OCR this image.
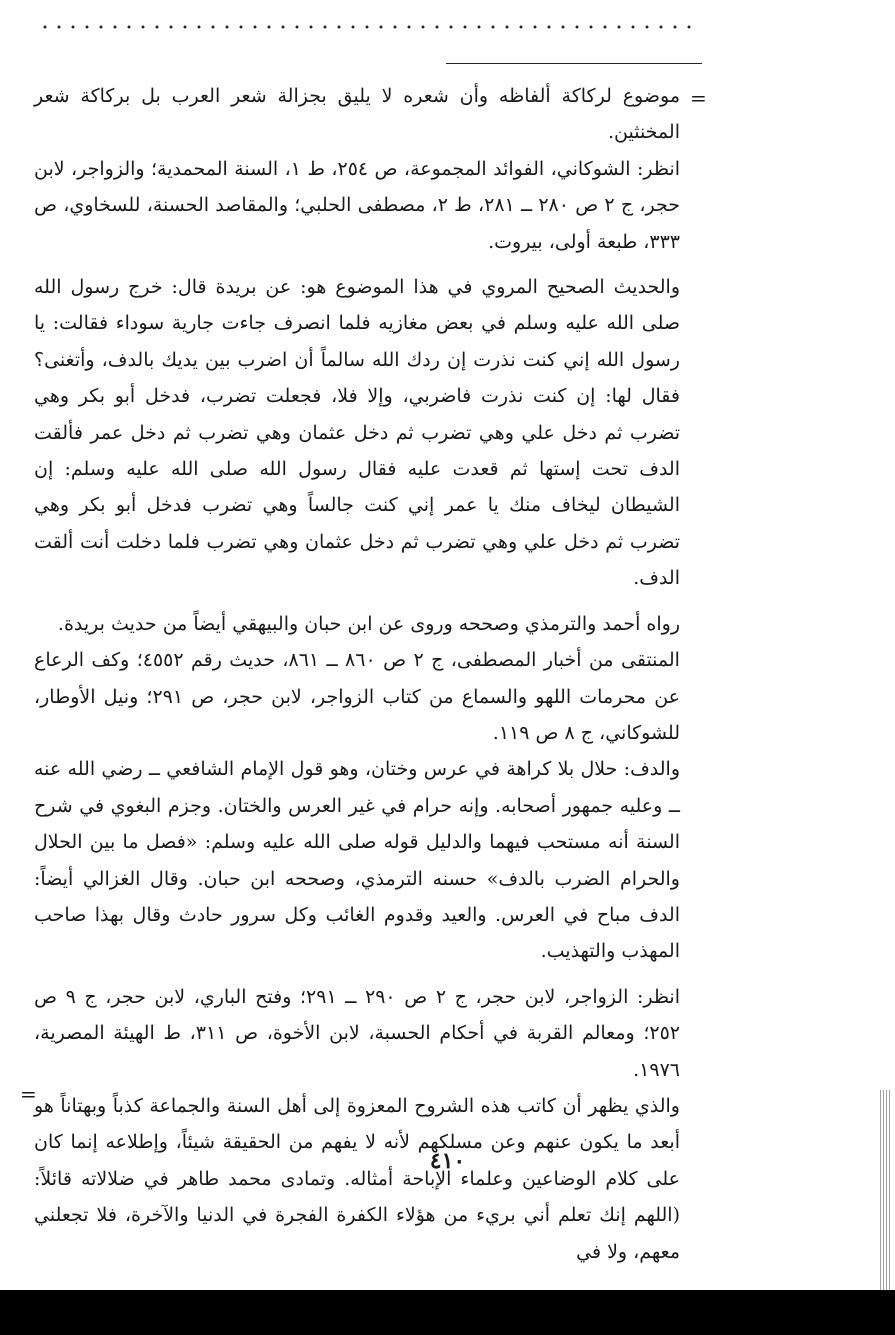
=

موضوع لركاكة ألفاظه وأن شعره لا يليق بجزالة شعر العرب بل بركاكة شعر المخنثين.
انظر: الشوكاني، الفوائد المجموعة، ص ٢٥٤، ط ١، السنة المحمدية؛ والزواجر، لابن حجر، ج ٢ ص ٢٨٠ ــ ٢٨١، ط ٢، مصطفى الحلبي؛ والمقاصد الحسنة، للسخاوي، ص ٣٣٣، طبعة أولى، بيروت.

والحديث الصحيح المروي في هذا الموضوع هو: عن بريدة قال: خرج رسول الله صلى الله عليه وسلم في بعض مغازيه فلما انصرف جاءت جارية سوداء فقالت: يا رسول الله إني كنت نذرت إن ردك الله سالماً أن اضرب بين يديك بالدف، وأتغنى؟ فقال لها: إن كنت نذرت فاضربي، وإلا فلا، فجعلت تضرب، فدخل أبو بكر وهي تضرب ثم دخل علي وهي تضرب ثم دخل عثمان وهي تضرب ثم دخل عمر فألقت الدف تحت إستها ثم قعدت عليه فقال رسول الله صلى الله عليه وسلم: إن الشيطان ليخاف منك يا عمر إني كنت جالساً وهي تضرب فدخل أبو بكر وهي تضرب ثم دخل علي وهي تضرب ثم دخل عثمان وهي تضرب فلما دخلت أنت ألقت الدف.

رواه أحمد والترمذي وصححه وروى عن ابن حبان والبيهقي أيضاً من حديث بريدة.
المنتقى من أخبار المصطفى، ج ٢ ص ٨٦٠ ــ ٨٦١، حديث رقم ٤٥٥٢؛ وكف الرعاع عن محرمات اللهو والسماع من كتاب الزواجر، لابن حجر، ص ٢٩١؛ ونيل الأوطار، للشوكاني، ج ٨ ص ١١٩.
والدف: حلال بلا كراهة في عرس وختان، وهو قول الإمام الشافعي ــ رضي الله عنه ــ وعليه جمهور أصحابه. وإنه حرام في غير العرس والختان. وجزم البغوي في شرح السنة أنه مستحب فيهما والدليل قوله صلى الله عليه وسلم: «فصل ما بين الحلال والحرام الضرب بالدف» حسنه الترمذي، وصححه ابن حبان. وقال الغزالي أيضاً: الدف مباح في العرس. والعيد وقدوم الغائب وكل سرور حادث وقال بهذا صاحب المهذب والتهذيب.

انظر: الزواجر، لابن حجر، ج ٢ ص ٢٩٠ ــ ٢٩١؛ وفتح الباري، لابن حجر، ج ٩ ص ٢٥٢؛ ومعالم القربة في أحكام الحسبة، لابن الأخوة، ص ٣١١، ط الهيئة المصرية، ١٩٧٦.
والذي يظهر أن كاتب هذه الشروح المعزوة إلى أهل السنة والجماعة كذباً وبهتاناً هو أبعد ما يكون عنهم وعن مسلكهم لأنه لا يفهم من الحقيقة شيئاً، وإطلاعه إنما كان على كلام الوضاعين وعلماء الإباحة أمثاله. وتمادى محمد طاهر في ضلالاته قائلاً: (اللهم إنك تعلم أني بريء من هؤلاء الكفرة الفجرة في الدنيا والآخرة، فلا تجعلني معهم، ولا في

=
٤١٠
